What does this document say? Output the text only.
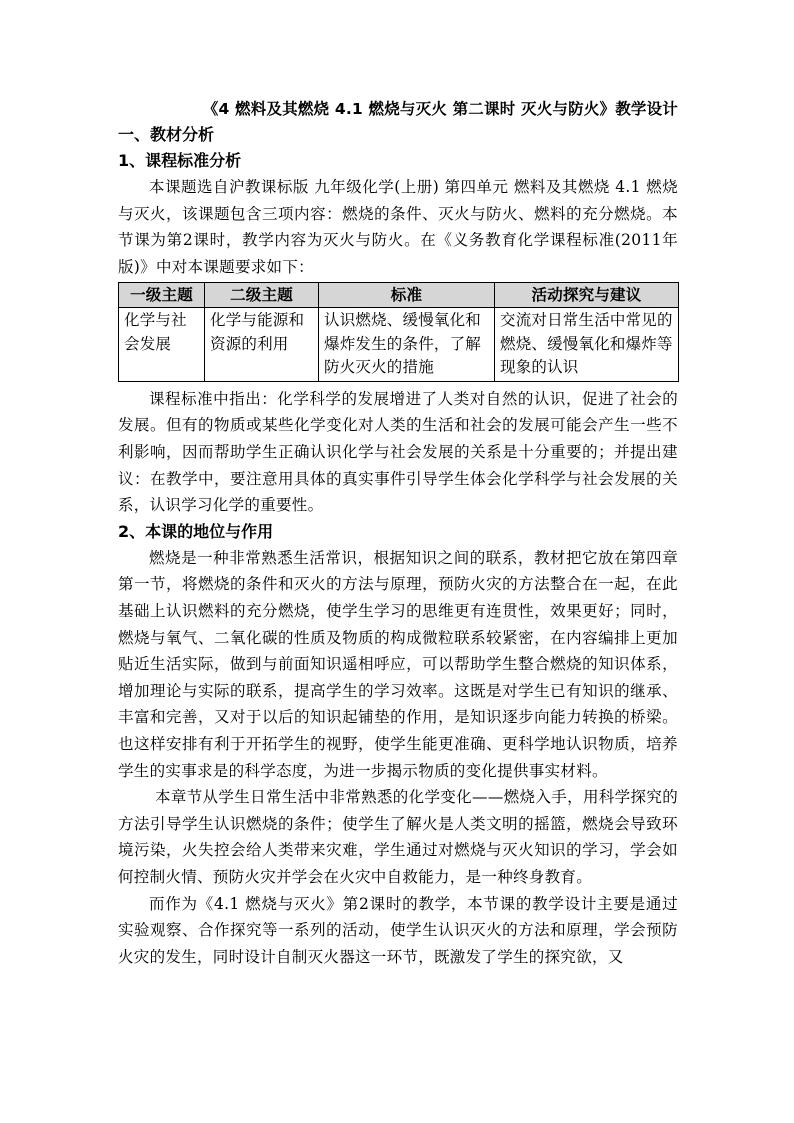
《4 燃料及其燃烧 4.1 燃烧与灭火 第二课时 灭火与防火》教学设计
一、教材分析
1、课程标准分析

本课题选自沪教课标版 九年级化学(上册) 第四单元 燃料及其燃烧 4.1 燃烧与灭火，该课题包含三项内容：燃烧的条件、灭火与防火、燃料的充分燃烧。本节课为第2课时，教学内容为灭火与防火。在《义务教育化学课程标准(2011年版)》中对本课题要求如下：

一级主题	二级主题	标准	活动探究与建议
化学与社会发展	化学与能源和资源的利用	认识燃烧、缓慢氧化和爆炸发生的条件，了解防火灭火的措施	交流对日常生活中常见的燃烧、缓慢氧化和爆炸等现象的认识

课程标准中指出：化学科学的发展增进了人类对自然的认识，促进了社会的发展。但有的物质或某些化学变化对人类的生活和社会的发展可能会产生一些不利影响，因而帮助学生正确认识化学与社会发展的关系是十分重要的；并提出建议：在教学中，要注意用具体的真实事件引导学生体会化学科学与社会发展的关系，认识学习化学的重要性。

2、本课的地位与作用

燃烧是一种非常熟悉生活常识，根据知识之间的联系，教材把它放在第四章第一节，将燃烧的条件和灭火的方法与原理，预防火灾的方法整合在一起，在此基础上认识燃料的充分燃烧，使学生学习的思维更有连贯性，效果更好；同时，燃烧与氧气、二氧化碳的性质及物质的构成微粒联系较紧密，在内容编排上更加贴近生活实际，做到与前面知识遥相呼应，可以帮助学生整合燃烧的知识体系，增加理论与实际的联系，提高学生的学习效率。这既是对学生已有知识的继承、丰富和完善，又对于以后的知识起铺垫的作用，是知识逐步向能力转换的桥梁。也这样安排有利于开拓学生的视野，使学生能更准确、更科学地认识物质，培养学生的实事求是的科学态度，为进一步揭示物质的变化提供事实材料。

本章节从学生日常生活中非常熟悉的化学变化——燃烧入手，用科学探究的方法引导学生认识燃烧的条件；使学生了解火是人类文明的摇篮，燃烧会导致环境污染，火失控会给人类带来灾难，学生通过对燃烧与灭火知识的学习，学会如何控制火情、预防火灾并学会在火灾中自救能力，是一种终身教育。

而作为《4.1 燃烧与灭火》第2课时的教学，本节课的教学设计主要是通过实验观察、合作探究等一系列的活动，使学生认识灭火的方法和原理，学会预防火灾的发生，同时设计自制灭火器这一环节，既激发了学生的探究欲，又
